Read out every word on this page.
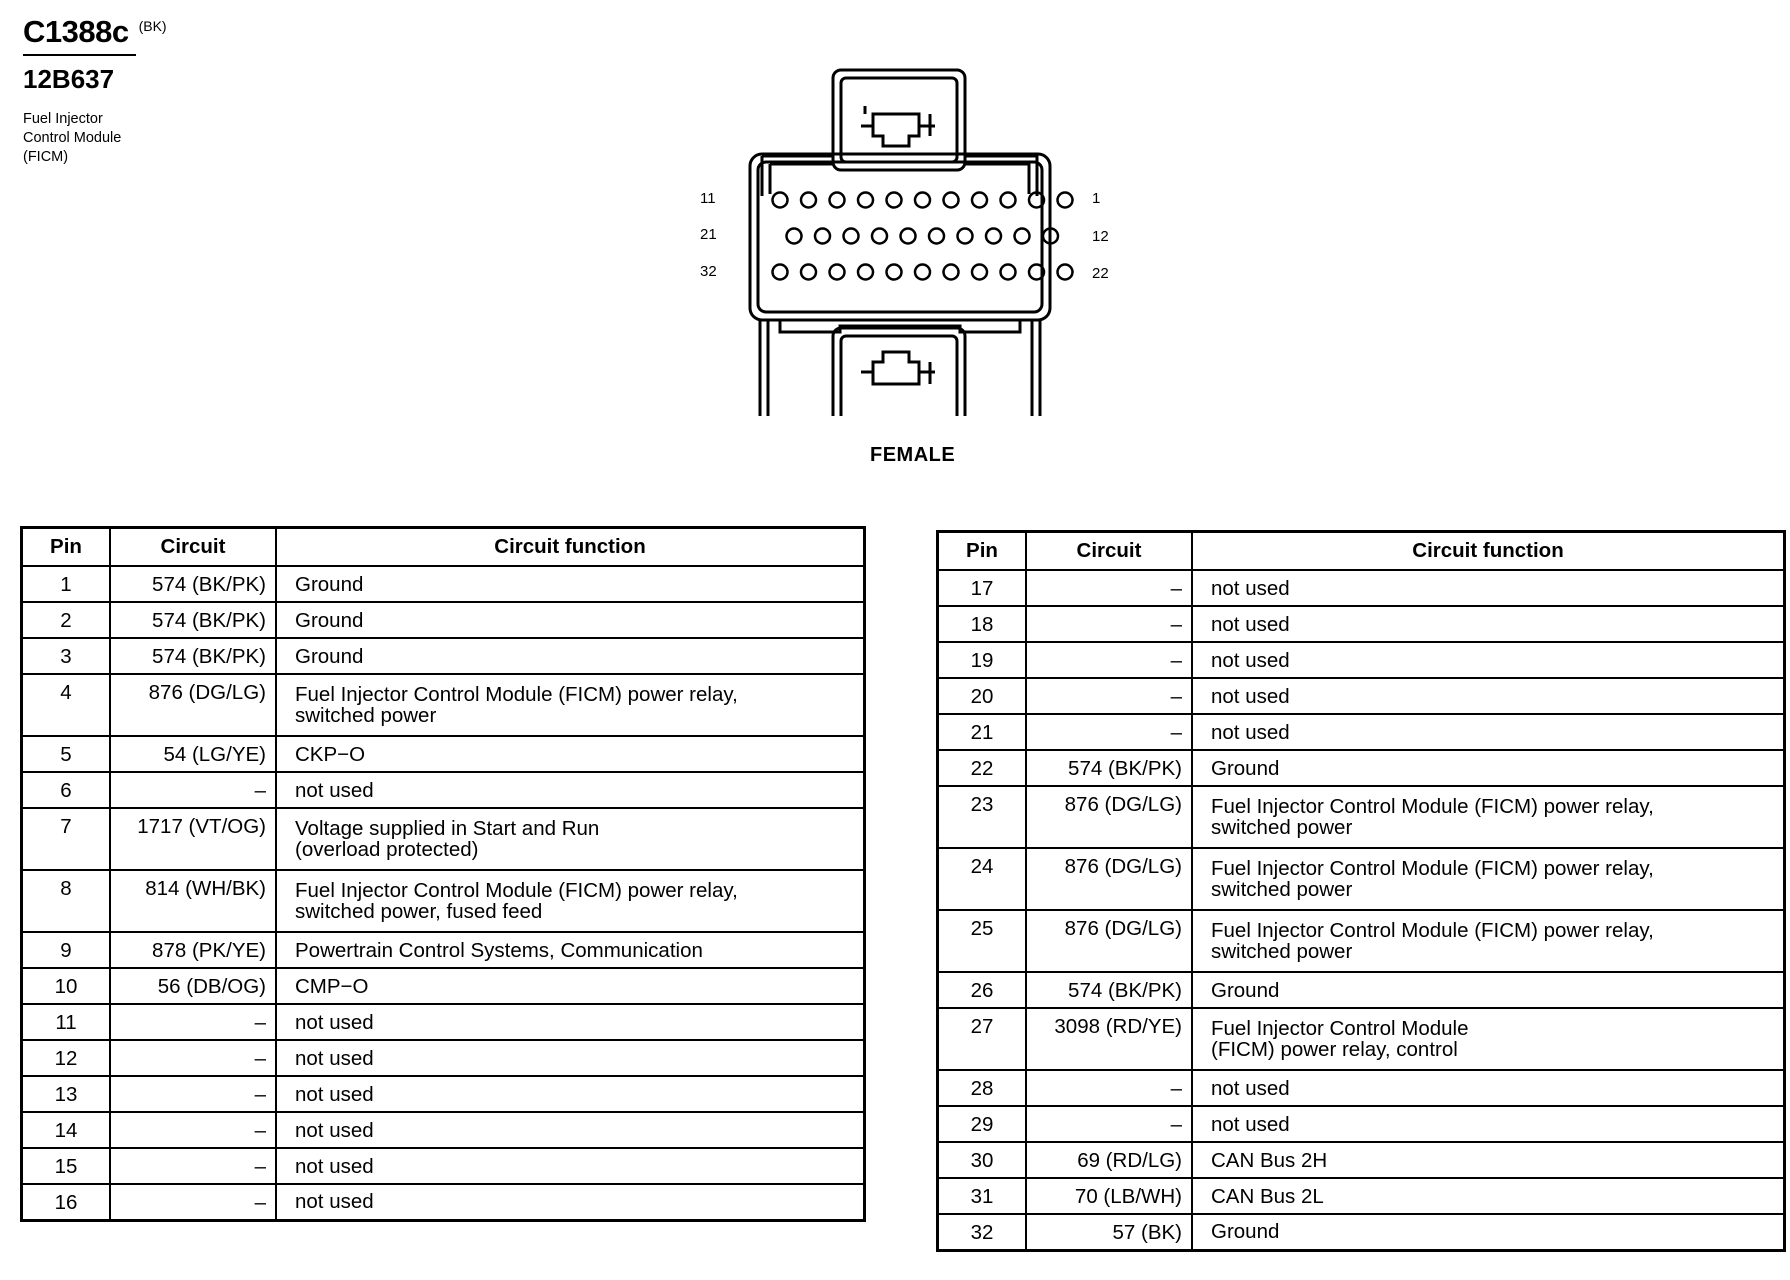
C1388c (BK)
12B637
Fuel Injector
Control Module
(FICM)
11
21
32
1
12
22
FEMALE
Pin	Circuit	Circuit function
1	574 (BK/PK)	Ground
2	574 (BK/PK)	Ground
3	574 (BK/PK)	Ground
4	876 (DG/LG)	Fuel Injector Control Module (FICM) power relay,
switched power
5	54 (LG/YE)	CKP−O
6	–	not used
7	1717 (VT/OG)	Voltage supplied in Start and Run
(overload protected)
8	814 (WH/BK)	Fuel Injector Control Module (FICM) power relay,
switched power, fused feed
9	878 (PK/YE)	Powertrain Control Systems, Communication
10	56 (DB/OG)	CMP−O
11	–	not used
12	–	not used
13	–	not used
14	–	not used
15	–	not used
16	–	not used
Pin	Circuit	Circuit function
17	–	not used
18	–	not used
19	–	not used
20	–	not used
21	–	not used
22	574 (BK/PK)	Ground
23	876 (DG/LG)	Fuel Injector Control Module (FICM) power relay,
switched power
24	876 (DG/LG)	Fuel Injector Control Module (FICM) power relay,
switched power
25	876 (DG/LG)	Fuel Injector Control Module (FICM) power relay,
switched power
26	574 (BK/PK)	Ground
27	3098 (RD/YE)	Fuel Injector Control Module
(FICM) power relay, control
28	–	not used
29	–	not used
30	69 (RD/LG)	CAN Bus 2H
31	70 (LB/WH)	CAN Bus 2L
32	57 (BK)	Ground
